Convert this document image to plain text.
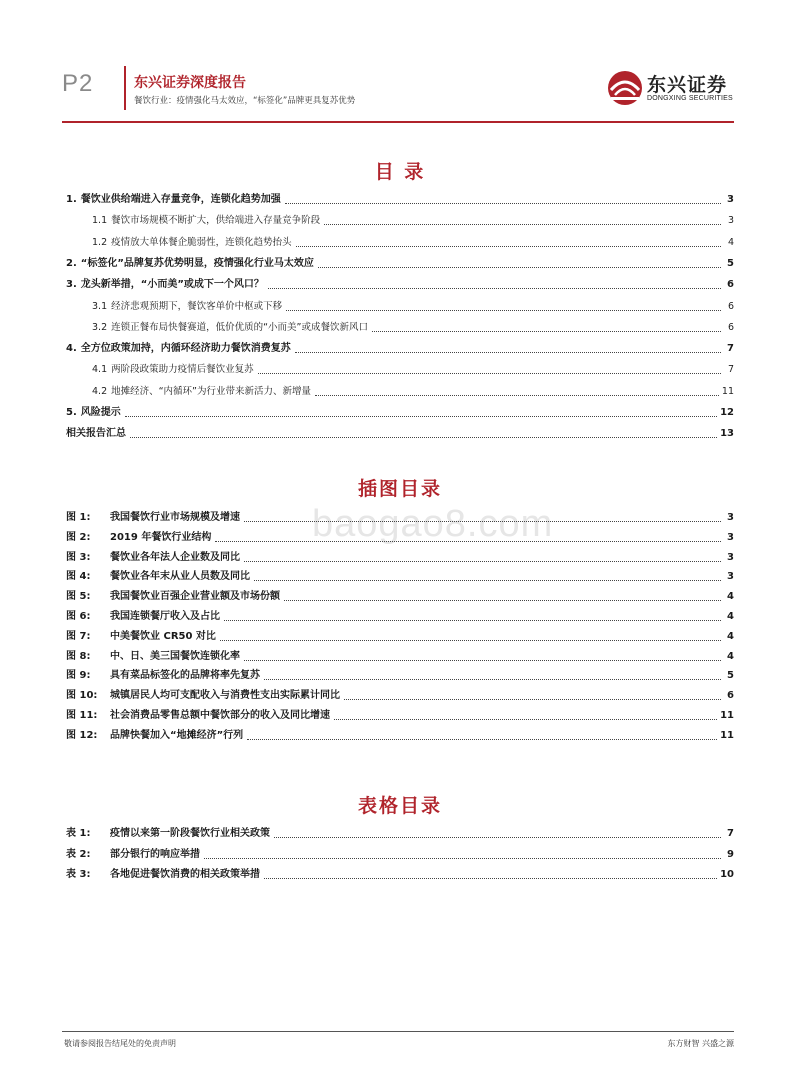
P2	东兴证券深度报告
餐饮行业：疫情强化马太效应，“标签化”品牌更具复苏优势
东兴证券
DONGXING SECURITIES
目 录
1. 餐饮业供给端进入存量竞争，连锁化趋势加强	3
1.1 餐饮市场规模不断扩大，供给端进入存量竞争阶段	3
1.2 疫情放大单体餐企脆弱性，连锁化趋势抬头	4
2. “标签化”品牌复苏优势明显，疫情强化行业马太效应	5
3. 龙头新举措，“小而美”或成下一个风口？	6
3.1 经济悲观预期下，餐饮客单价中枢或下移	6
3.2 连锁正餐布局快餐赛道，低价优质的“小而美”或成餐饮新风口	6
4. 全方位政策加持，内循环经济助力餐饮消费复苏	7
4.1 两阶段政策助力疫情后餐饮业复苏	7
4.2 地摊经济、“内循环”为行业带来新活力、新增量	11
5. 风险提示	12
相关报告汇总	13
baogao8.com
插图目录
图 1:	我国餐饮行业市场规模及增速	3
图 2:	2019 年餐饮行业结构	3
图 3:	餐饮业各年法人企业数及同比	3
图 4:	餐饮业各年末从业人员数及同比	3
图 5:	我国餐饮业百强企业营业额及市场份额	4
图 6:	我国连锁餐厅收入及占比	4
图 7:	中美餐饮业 CR50 对比	4
图 8:	中、日、美三国餐饮连锁化率	4
图 9:	具有菜品标签化的品牌将率先复苏	5
图 10:	城镇居民人均可支配收入与消费性支出实际累计同比	6
图 11:	社会消费品零售总额中餐饮部分的收入及同比增速	11
图 12:	品牌快餐加入“地摊经济”行列	11
表格目录
表 1:	疫情以来第一阶段餐饮行业相关政策	7
表 2:	部分银行的响应举措	9
表 3:	各地促进餐饮消费的相关政策举措	10
敬请参阅报告结尾处的免责声明	东方财智 兴盛之源
